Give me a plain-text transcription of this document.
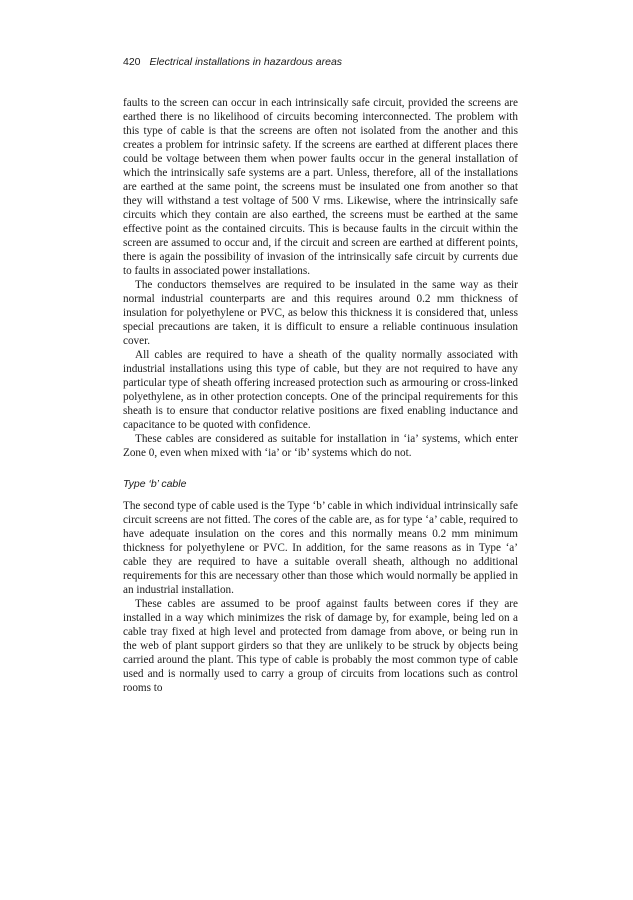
420 Electrical installations in hazardous areas

faults to the screen can occur in each intrinsically safe circuit, provided the screens are earthed there is no likelihood of circuits becoming interconnected. The problem with this type of cable is that the screens are often not isolated from the another and this creates a problem for intrinsic safety. If the screens are earthed at different places there could be voltage between them when power faults occur in the general installation of which the intrinsically safe systems are a part. Unless, therefore, all of the installations are earthed at the same point, the screens must be insulated one from another so that they will withstand a test voltage of 500 V rms. Likewise, where the intrinsically safe circuits which they contain are also earthed, the screens must be earthed at the same effective point as the contained circuits. This is because faults in the circuit within the screen are assumed to occur and, if the circuit and screen are earthed at different points, there is again the possibility of invasion of the intrinsically safe circuit by currents due to faults in associated power installations.

The conductors themselves are required to be insulated in the same way as their normal industrial counterparts are and this requires around 0.2 mm thickness of insulation for polyethylene or PVC, as below this thickness it is considered that, unless special precautions are taken, it is difficult to ensure a reliable continuous insulation cover.

All cables are required to have a sheath of the quality normally associated with industrial installations using this type of cable, but they are not required to have any particular type of sheath offering increased protection such as armouring or cross-linked polyethylene, as in other protection concepts. One of the principal requirements for this sheath is to ensure that conductor relative positions are fixed enabling inductance and capacitance to be quoted with confidence.

These cables are considered as suitable for installation in ‘ia’ systems, which enter Zone 0, even when mixed with ‘ia’ or ‘ib’ systems which do not.

Type ‘b’ cable

The second type of cable used is the Type ‘b’ cable in which individual intrinsically safe circuit screens are not fitted. The cores of the cable are, as for type ‘a’ cable, required to have adequate insulation on the cores and this normally means 0.2 mm minimum thickness for polyethylene or PVC. In addition, for the same reasons as in Type ‘a’ cable they are required to have a suitable overall sheath, although no additional requirements for this are necessary other than those which would normally be applied in an industrial installation.

These cables are assumed to be proof against faults between cores if they are installed in a way which minimizes the risk of damage by, for example, being led on a cable tray fixed at high level and protected from damage from above, or being run in the web of plant support girders so that they are unlikely to be struck by objects being carried around the plant. This type of cable is probably the most common type of cable used and is normally used to carry a group of circuits from locations such as control rooms to
